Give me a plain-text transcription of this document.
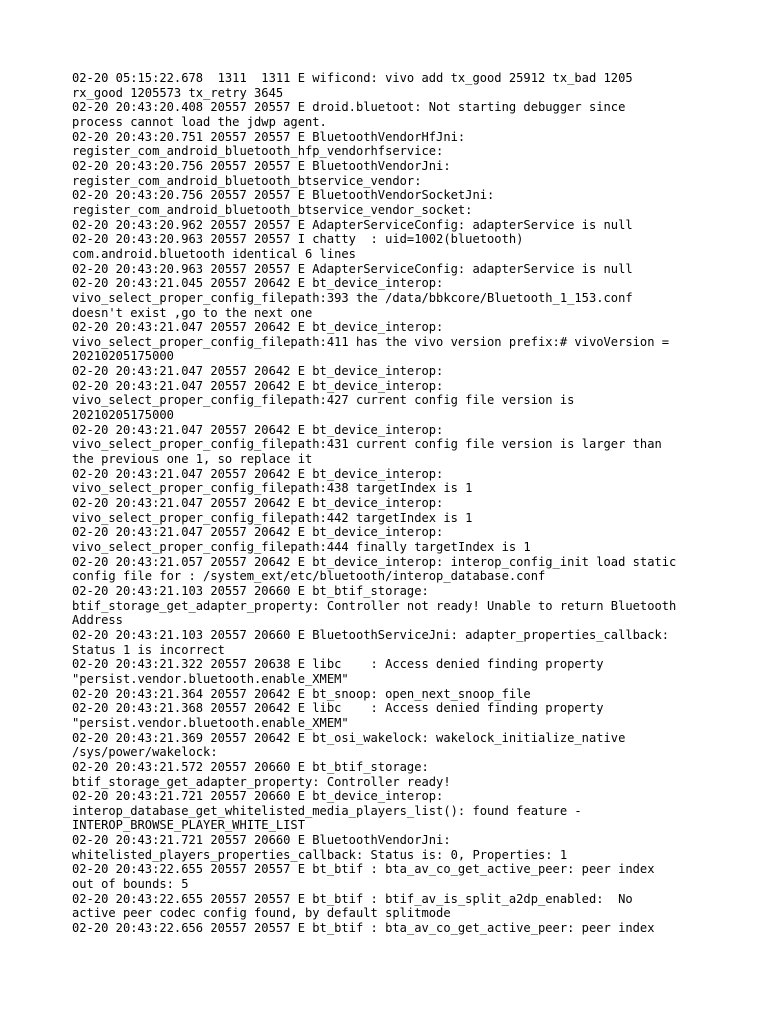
02-20 05:15:22.678  1311  1311 E wificond: vivo add tx_good 25912 tx_bad 1205

rx_good 1205573 tx_retry 3645

02-20 20:43:20.408 20557 20557 E droid.bluetoot: Not starting debugger since

process cannot load the jdwp agent.

02-20 20:43:20.751 20557 20557 E BluetoothVendorHfJni:

register_com_android_bluetooth_hfp_vendorhfservice:

02-20 20:43:20.756 20557 20557 E BluetoothVendorJni:

register_com_android_bluetooth_btservice_vendor:

02-20 20:43:20.756 20557 20557 E BluetoothVendorSocketJni:

register_com_android_bluetooth_btservice_vendor_socket:

02-20 20:43:20.962 20557 20557 E AdapterServiceConfig: adapterService is null

02-20 20:43:20.963 20557 20557 I chatty  : uid=1002(bluetooth)

com.android.bluetooth identical 6 lines

02-20 20:43:20.963 20557 20557 E AdapterServiceConfig: adapterService is null

02-20 20:43:21.045 20557 20642 E bt_device_interop:

vivo_select_proper_config_filepath:393 the /data/bbkcore/Bluetooth_1_153.conf

doesn't exist ,go to the next one

02-20 20:43:21.047 20557 20642 E bt_device_interop:

vivo_select_proper_config_filepath:411 has the vivo version prefix:# vivoVersion =

20210205175000

02-20 20:43:21.047 20557 20642 E bt_device_interop:

02-20 20:43:21.047 20557 20642 E bt_device_interop:

vivo_select_proper_config_filepath:427 current config file version is

20210205175000

02-20 20:43:21.047 20557 20642 E bt_device_interop:

vivo_select_proper_config_filepath:431 current config file version is larger than

the previous one 1, so replace it

02-20 20:43:21.047 20557 20642 E bt_device_interop:

vivo_select_proper_config_filepath:438 targetIndex is 1

02-20 20:43:21.047 20557 20642 E bt_device_interop:

vivo_select_proper_config_filepath:442 targetIndex is 1

02-20 20:43:21.047 20557 20642 E bt_device_interop:

vivo_select_proper_config_filepath:444 finally targetIndex is 1

02-20 20:43:21.057 20557 20642 E bt_device_interop: interop_config_init load static

config file for : /system_ext/etc/bluetooth/interop_database.conf

02-20 20:43:21.103 20557 20660 E bt_btif_storage:

btif_storage_get_adapter_property: Controller not ready! Unable to return Bluetooth

Address

02-20 20:43:21.103 20557 20660 E BluetoothServiceJni: adapter_properties_callback:

Status 1 is incorrect

02-20 20:43:21.322 20557 20638 E libc    : Access denied finding property

"persist.vendor.bluetooth.enable_XMEM"

02-20 20:43:21.364 20557 20642 E bt_snoop: open_next_snoop_file

02-20 20:43:21.368 20557 20642 E libc    : Access denied finding property

"persist.vendor.bluetooth.enable_XMEM"

02-20 20:43:21.369 20557 20642 E bt_osi_wakelock: wakelock_initialize_native

/sys/power/wakelock:

02-20 20:43:21.572 20557 20660 E bt_btif_storage:

btif_storage_get_adapter_property: Controller ready!

02-20 20:43:21.721 20557 20660 E bt_device_interop:

interop_database_get_whitelisted_media_players_list(): found feature -

INTEROP_BROWSE_PLAYER_WHITE_LIST

02-20 20:43:21.721 20557 20660 E BluetoothVendorJni:

whitelisted_players_properties_callback: Status is: 0, Properties: 1

02-20 20:43:22.655 20557 20557 E bt_btif : bta_av_co_get_active_peer: peer index

out of bounds: 5

02-20 20:43:22.655 20557 20557 E bt_btif : btif_av_is_split_a2dp_enabled:  No

active peer codec config found, by default splitmode

02-20 20:43:22.656 20557 20557 E bt_btif : bta_av_co_get_active_peer: peer index
